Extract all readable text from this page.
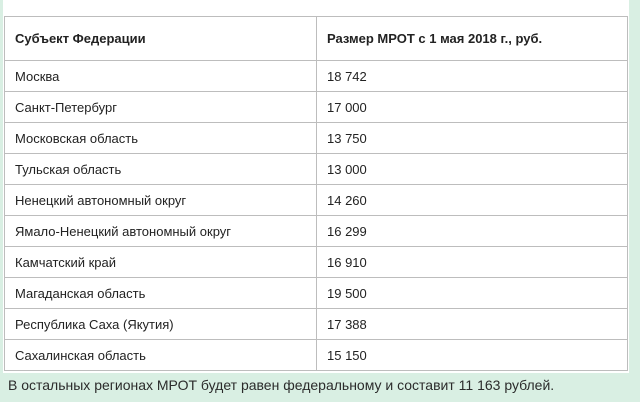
Субъект Федерации	Размер МРОТ с 1 мая 2018 г., руб.
Москва	18 742
Санкт-Петербург	17 000
Московская область	13 750
Тульская область	13 000
Ненецкий автономный округ	14 260
Ямало-Ненецкий автономный округ	16 299
Камчатский край	16 910
Магаданская область	19 500
Республика Саха (Якутия)	17 388
Сахалинская область	15 150
В остальных регионах МРОТ будет равен федеральному и составит 11 163 рублей.
